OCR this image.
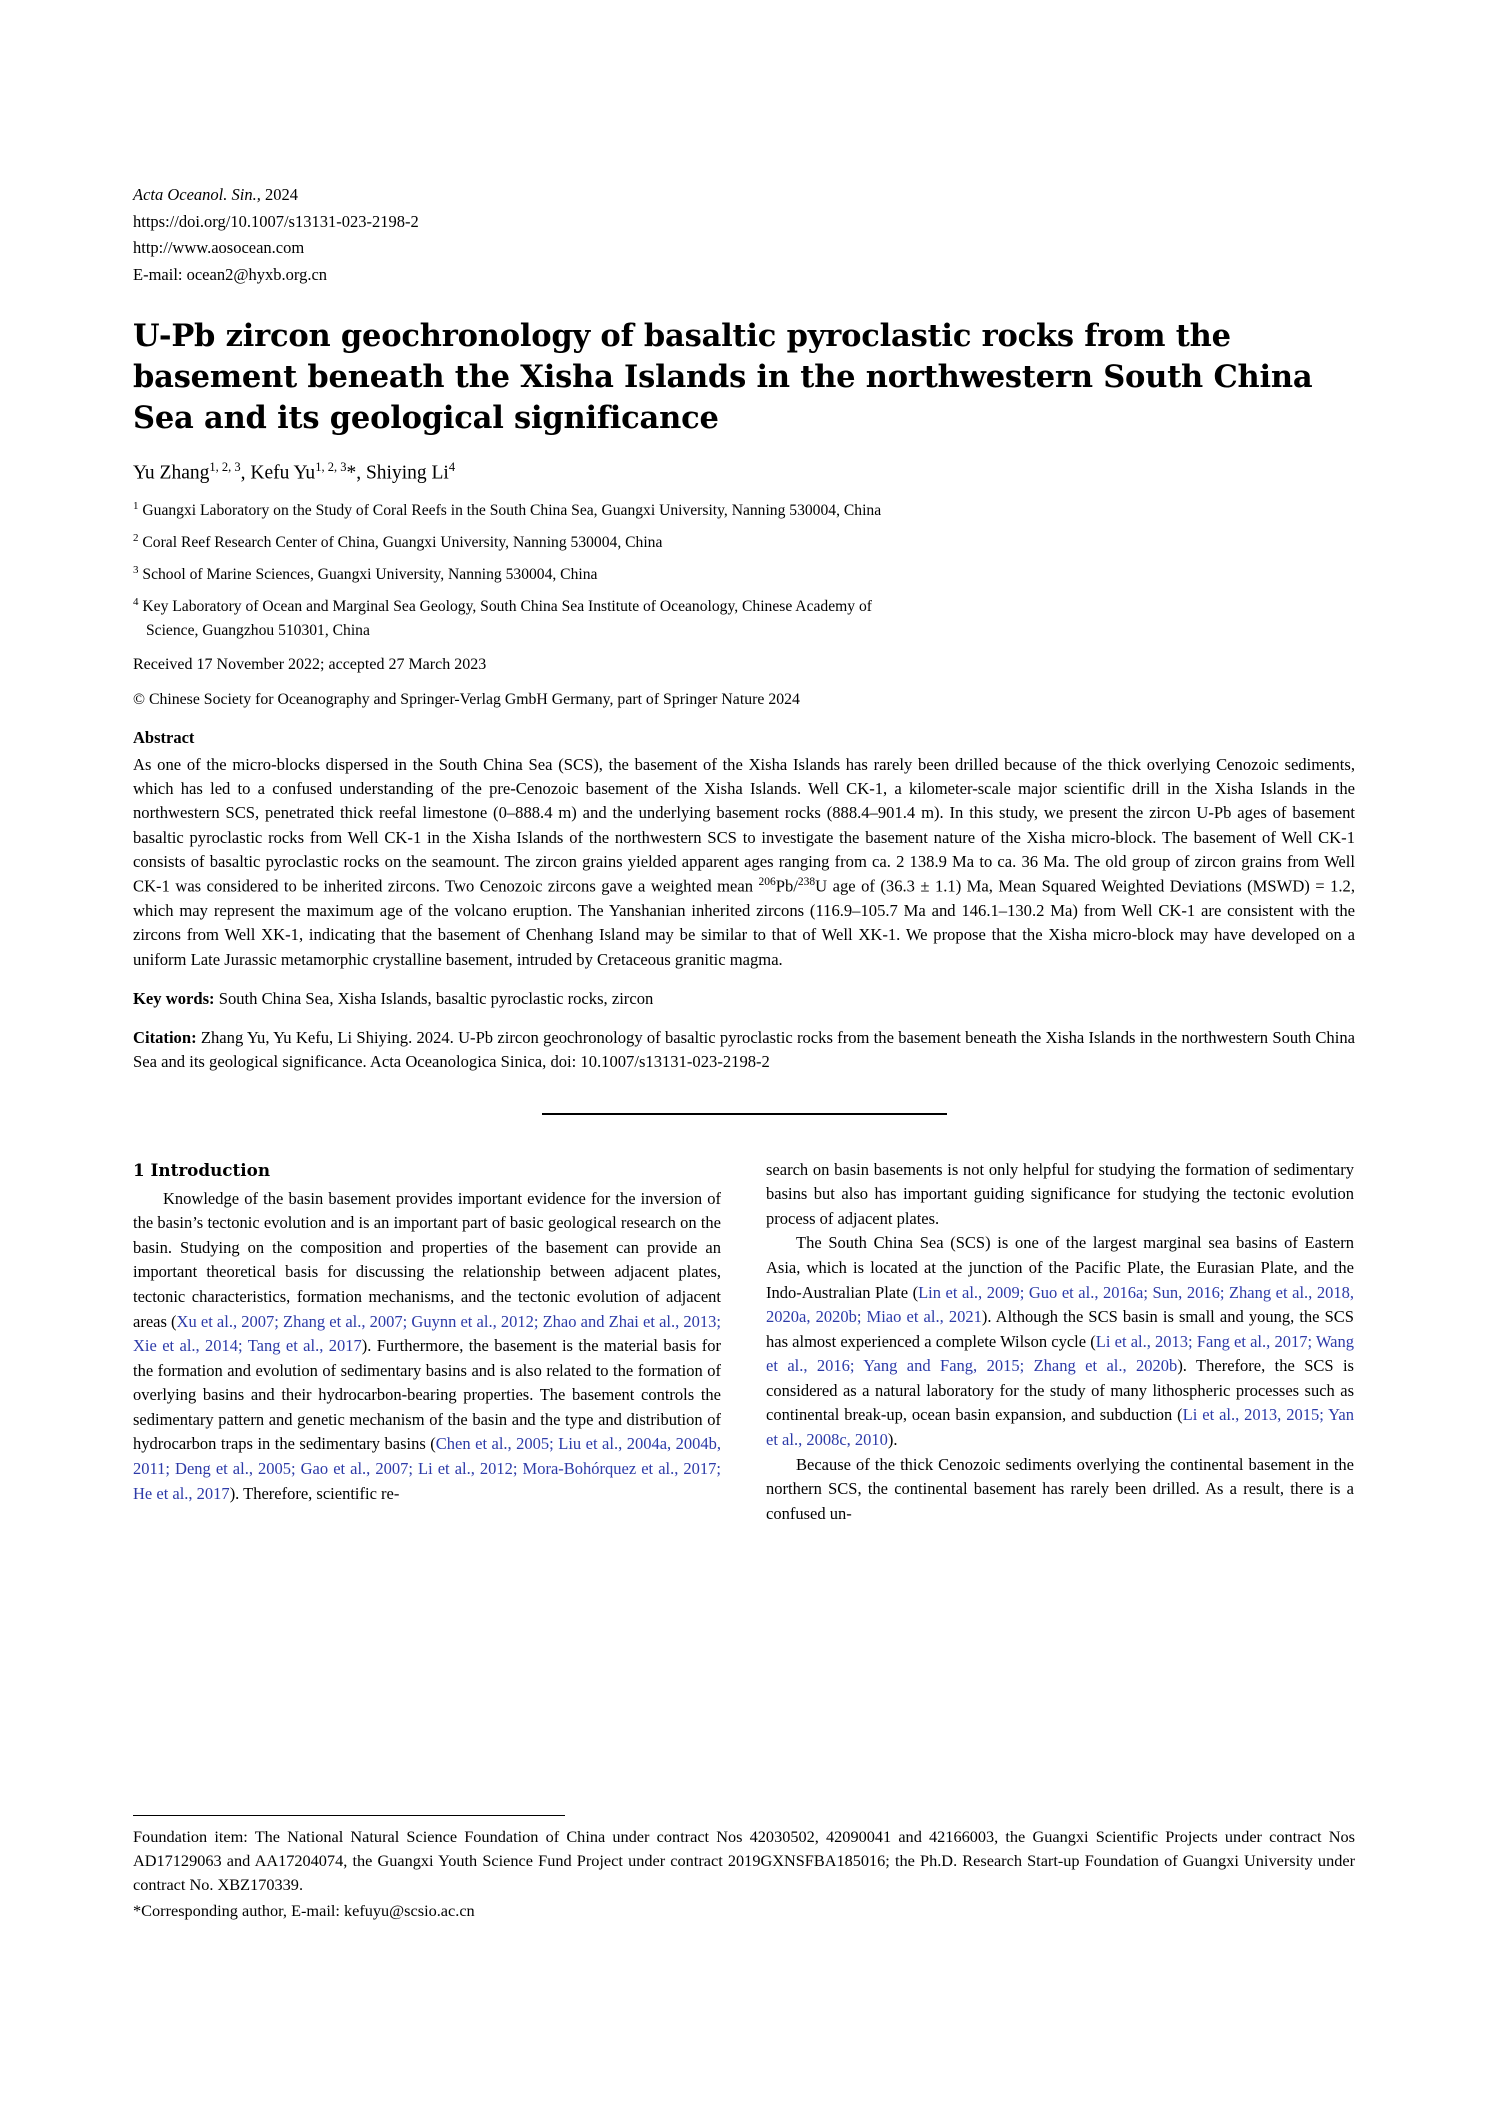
Acta Oceanol. Sin., 2024
https://doi.org/10.1007/s13131-023-2198-2
http://www.aosocean.com
E-mail: ocean2@hyxb.org.cn
U-Pb zircon geochronology of basaltic pyroclastic rocks from the basement beneath the Xisha Islands in the northwestern South China Sea and its geological significance
Yu Zhang$^{1, 2, 3}$, Kefu Yu$^{1, 2, 3}$*, Shiying Li$^4$
$^1$ Guangxi Laboratory on the Study of Coral Reefs in the South China Sea, Guangxi University, Nanning 530004, China
$^2$ Coral Reef Research Center of China, Guangxi University, Nanning 530004, China
$^3$ School of Marine Sciences, Guangxi University, Nanning 530004, China
$^4$ Key Laboratory of Ocean and Marginal Sea Geology, South China Sea Institute of Oceanology, Chinese Academy of
Science, Guangzhou 510301, China
Received 17 November 2022; accepted 27 March 2023
© Chinese Society for Oceanography and Springer-Verlag GmbH Germany, part of Springer Nature 2024
Abstract
As one of the micro-blocks dispersed in the South China Sea (SCS), the basement of the Xisha Islands has rarely been drilled because of the thick overlying Cenozoic sediments, which has led to a confused understanding of the pre-Cenozoic basement of the Xisha Islands. Well CK-1, a kilometer-scale major scientific drill in the Xisha Islands in the northwestern SCS, penetrated thick reefal limestone (0–888.4 m) and the underlying basement rocks (888.4–901.4 m). In this study, we present the zircon U-Pb ages of basement basaltic pyroclastic rocks from Well CK-1 in the Xisha Islands of the northwestern SCS to investigate the basement nature of the Xisha micro-block. The basement of Well CK-1 consists of basaltic pyroclastic rocks on the seamount. The zircon grains yielded apparent ages ranging from ca. 2 138.9 Ma to ca. 36 Ma. The old group of zircon grains from Well CK-1 was considered to be inherited zircons. Two Cenozoic zircons gave a weighted mean $^{206}$Pb/$^{238}$U age of (36.3 ± 1.1) Ma, Mean Squared Weighted Deviations (MSWD) = 1.2, which may represent the maximum age of the volcano eruption. The Yanshanian inherited zircons (116.9–105.7 Ma and 146.1–130.2 Ma) from Well CK-1 are consistent with the zircons from Well XK-1, indicating that the basement of Chenhang Island may be similar to that of Well XK-1. We propose that the Xisha micro-block may have developed on a uniform Late Jurassic metamorphic crystalline basement, intruded by Cretaceous granitic magma.
Key words: South China Sea, Xisha Islands, basaltic pyroclastic rocks, zircon
Citation: Zhang Yu, Yu Kefu, Li Shiying. 2024. U-Pb zircon geochronology of basaltic pyroclastic rocks from the basement beneath the Xisha Islands in the northwestern South China Sea and its geological significance. Acta Oceanologica Sinica, doi: 10.1007/s13131-023-2198-2
1 Introduction

Knowledge of the basin basement provides important evidence for the inversion of the basin’s tectonic evolution and is an important part of basic geological research on the basin. Studying on the composition and properties of the basement can provide an important theoretical basis for discussing the relationship between adjacent plates, tectonic characteristics, formation mechanisms, and the tectonic evolution of adjacent areas (Xu et al., 2007; Zhang et al., 2007; Guynn et al., 2012; Zhao and Zhai et al., 2013; Xie et al., 2014; Tang et al., 2017). Furthermore, the basement is the material basis for the formation and evolution of sedimentary basins and is also related to the formation of overlying basins and their hydrocarbon-bearing properties. The basement controls the sedimentary pattern and genetic mechanism of the basin and the type and distribution of hydrocarbon traps in the sedimentary basins (Chen et al., 2005; Liu et al., 2004a, 2004b, 2011; Deng et al., 2005; Gao et al., 2007; Li et al., 2012; Mora-Bohórquez et al., 2017; He et al., 2017). Therefore, scientific re-

search on basin basements is not only helpful for studying the formation of sedimentary basins but also has important guiding significance for studying the tectonic evolution process of adjacent plates.

The South China Sea (SCS) is one of the largest marginal sea basins of Eastern Asia, which is located at the junction of the Pacific Plate, the Eurasian Plate, and the Indo-Australian Plate (Lin et al., 2009; Guo et al., 2016a; Sun, 2016; Zhang et al., 2018, 2020a, 2020b; Miao et al., 2021). Although the SCS basin is small and young, the SCS has almost experienced a complete Wilson cycle (Li et al., 2013; Fang et al., 2017; Wang et al., 2016; Yang and Fang, 2015; Zhang et al., 2020b). Therefore, the SCS is considered as a natural laboratory for the study of many lithospheric processes such as continental break-up, ocean basin expansion, and subduction (Li et al., 2013, 2015; Yan et al., 2008c, 2010).

Because of the thick Cenozoic sediments overlying the continental basement in the northern SCS, the continental basement has rarely been drilled. As a result, there is a confused un-

Foundation item: The National Natural Science Foundation of China under contract Nos 42030502, 42090041 and 42166003, the Guangxi Scientific Projects under contract Nos AD17129063 and AA17204074, the Guangxi Youth Science Fund Project under contract 2019GXNSFBA185016; the Ph.D. Research Start-up Foundation of Guangxi University under contract No. XBZ170339.
*Corresponding author, E-mail: kefuyu@scsio.ac.cn
